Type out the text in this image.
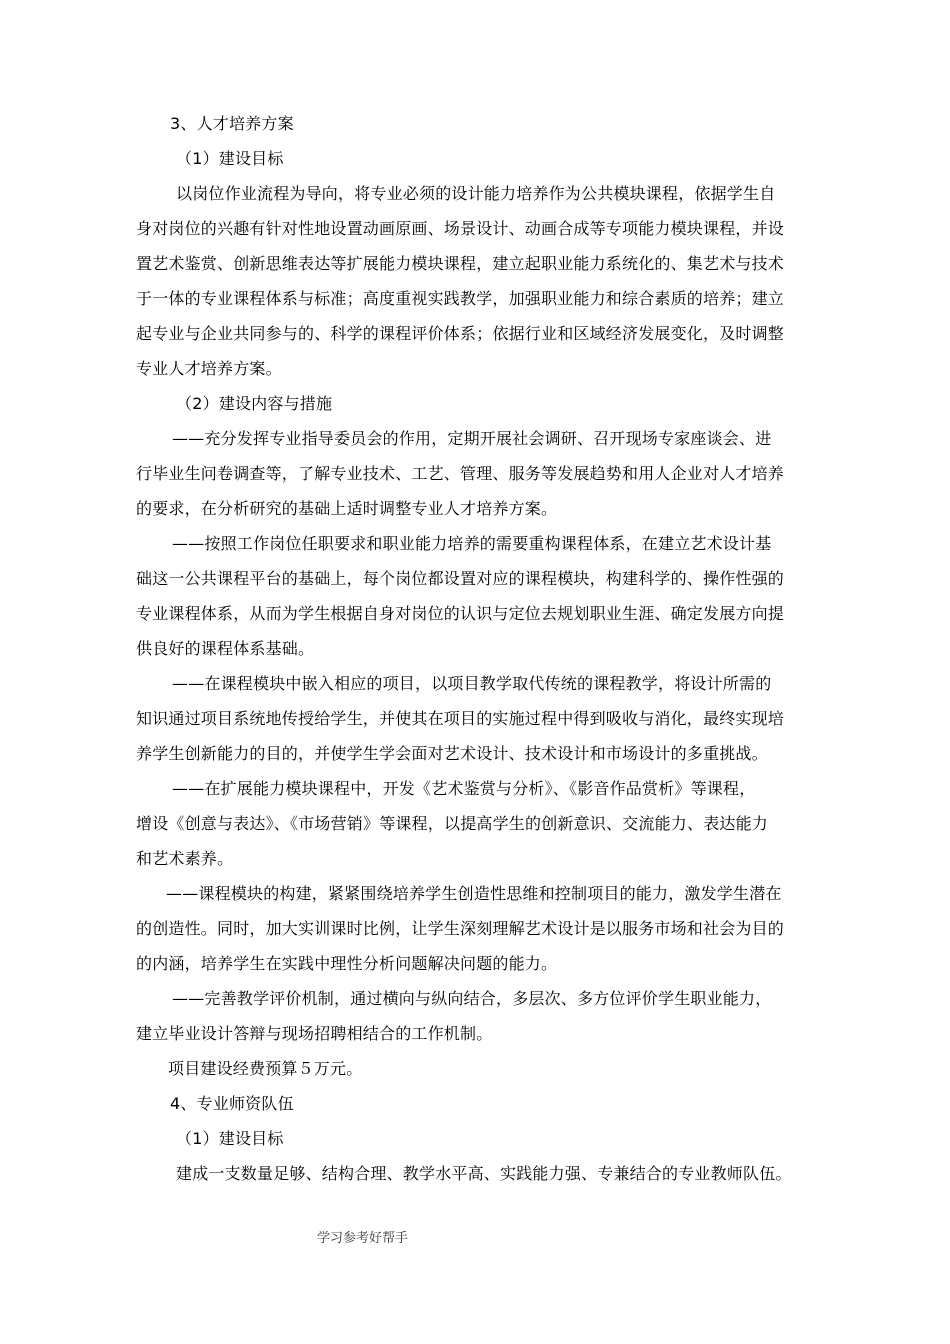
3、人才培养方案
（1）建设目标
以岗位作业流程为导向，将专业必须的设计能力培养作为公共模块课程，依据学生自
身对岗位的兴趣有针对性地设置动画原画、场景设计、动画合成等专项能力模块课程，并设
置艺术鉴赏、创新思维表达等扩展能力模块课程，建立起职业能力系统化的、集艺术与技术
于一体的专业课程体系与标准；高度重视实践教学，加强职业能力和综合素质的培养；建立
起专业与企业共同参与的、科学的课程评价体系；依据行业和区域经济发展变化，及时调整
专业人才培养方案。
（2）建设内容与措施
——充分发挥专业指导委员会的作用，定期开展社会调研、召开现场专家座谈会、进
行毕业生问卷调查等，了解专业技术、工艺、管理、服务等发展趋势和用人企业对人才培养
的要求，在分析研究的基础上适时调整专业人才培养方案。
——按照工作岗位任职要求和职业能力培养的需要重构课程体系，在建立艺术设计基
础这一公共课程平台的基础上，每个岗位都设置对应的课程模块，构建科学的、操作性强的
专业课程体系，从而为学生根据自身对岗位的认识与定位去规划职业生涯、确定发展方向提
供良好的课程体系基础。
——在课程模块中嵌入相应的项目，以项目教学取代传统的课程教学，将设计所需的
知识通过项目系统地传授给学生，并使其在项目的实施过程中得到吸收与消化，最终实现培
养学生创新能力的目的，并使学生学会面对艺术设计、技术设计和市场设计的多重挑战。
——在扩展能力模块课程中，开发《艺术鉴赏与分析》、《影音作品赏析》等课程，
增设《创意与表达》、《市场营销》等课程，以提高学生的创新意识、交流能力、表达能力
和艺术素养。
——课程模块的构建，紧紧围绕培养学生创造性思维和控制项目的能力，激发学生潜在
的创造性。同时，加大实训课时比例，让学生深刻理解艺术设计是以服务市场和社会为目的
的内涵，培养学生在实践中理性分析问题解决问题的能力。
——完善教学评价机制，通过横向与纵向结合，多层次、多方位评价学生职业能力，
建立毕业设计答辩与现场招聘相结合的工作机制。
项目建设经费预算５万元。
4、专业师资队伍
（1）建设目标
建成一支数量足够、结构合理、教学水平高、实践能力强、专兼结合的专业教师队伍。
学习参考好帮手
